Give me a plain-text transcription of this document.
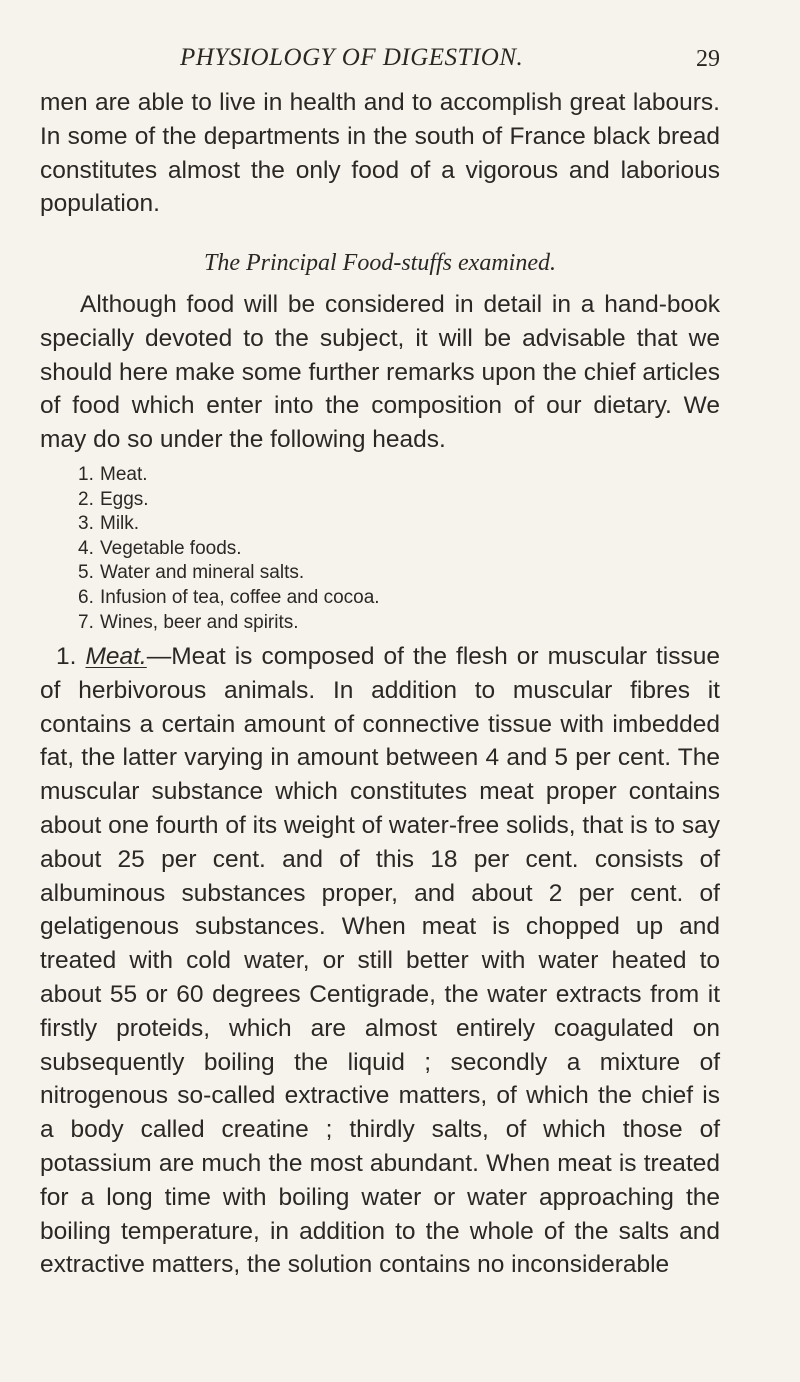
PHYSIOLOGY OF DIGESTION.	29

men are able to live in health and to accomplish great labours. In some of the departments in the south of France black bread constitutes almost the only food of a vigorous and laborious population.

The Principal Food-stuffs examined.

Although food will be considered in detail in a hand-book specially devoted to the subject, it will be advisable that we should here make some further remarks upon the chief articles of food which enter into the composition of our dietary. We may do so under the following heads.

1. Meat.
2. Eggs.
3. Milk.
4. Vegetable foods.
5. Water and mineral salts.
6. Infusion of tea, coffee and cocoa.
7. Wines, beer and spirits.

1. Meat.—Meat is composed of the flesh or muscular tissue of herbivorous animals. In addition to muscular fibres it contains a certain amount of connective tissue with imbedded fat, the latter varying in amount between 4 and 5 per cent. The muscular substance which constitutes meat proper contains about one fourth of its weight of water-free solids, that is to say about 25 per cent. and of this 18 per cent. consists of albuminous substances proper, and about 2 per cent. of gelatigenous substances. When meat is chopped up and treated with cold water, or still better with water heated to about 55 or 60 degrees Centigrade, the water extracts from it firstly proteids, which are almost entirely coagulated on subsequently boiling the liquid ; secondly a mixture of nitrogenous so-called extractive matters, of which the chief is a body called creatine ; thirdly salts, of which those of potassium are much the most abundant. When meat is treated for a long time with boiling water or water approaching the boiling temperature, in addition to the whole of the salts and extractive matters, the solution contains no inconsiderable
